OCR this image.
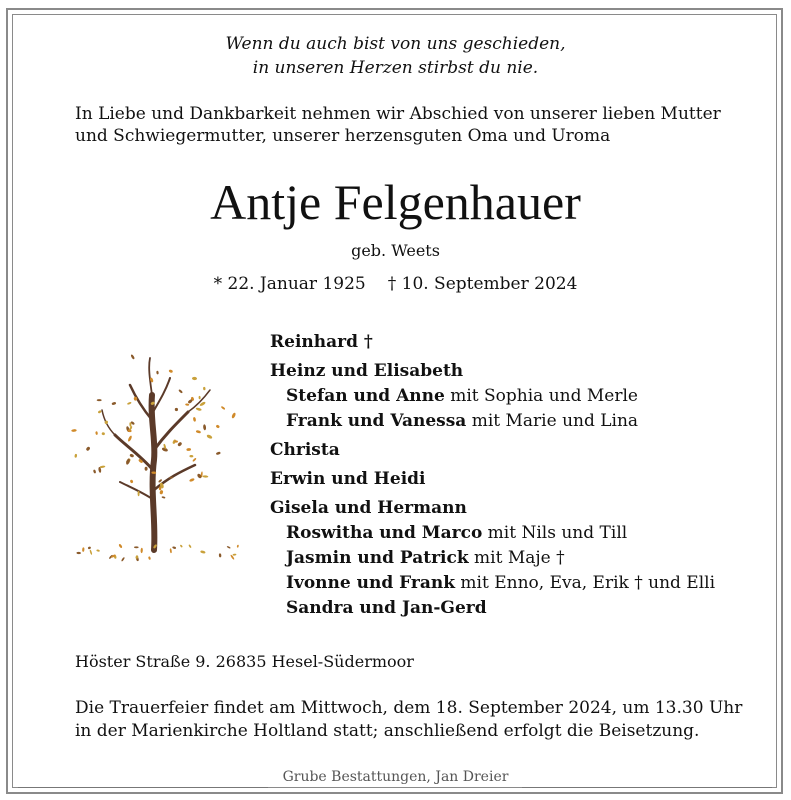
Wenn du auch bist von uns geschieden,
in unseren Herzen stirbst du nie.
In Liebe und Dankbarkeit nehmen wir Abschied von unserer lieben Mutter
und Schwiegermutter, unserer herzensguten Oma und Uroma
Antje Felgenhauer
geb. Weets
* 22. Januar 1925 † 10. September 2024
Reinhard †
Heinz und Elisabeth
Stefan und Anne mit Sophia und Merle
Frank und Vanessa mit Marie und Lina
Christa
Erwin und Heidi
Gisela und Hermann
Roswitha und Marco mit Nils und Till
Jasmin und Patrick mit Maje †
Ivonne und Frank mit Enno, Eva, Erik † und Elli
Sandra und Jan-Gerd
Höster Straße 9. 26835 Hesel-Südermoor
Die Trauerfeier findet am Mittwoch, dem 18. September 2024, um 13.30 Uhr
in der Marienkirche Holtland statt; anschließend erfolgt die Beisetzung.
Grube Bestattungen, Jan Dreier
